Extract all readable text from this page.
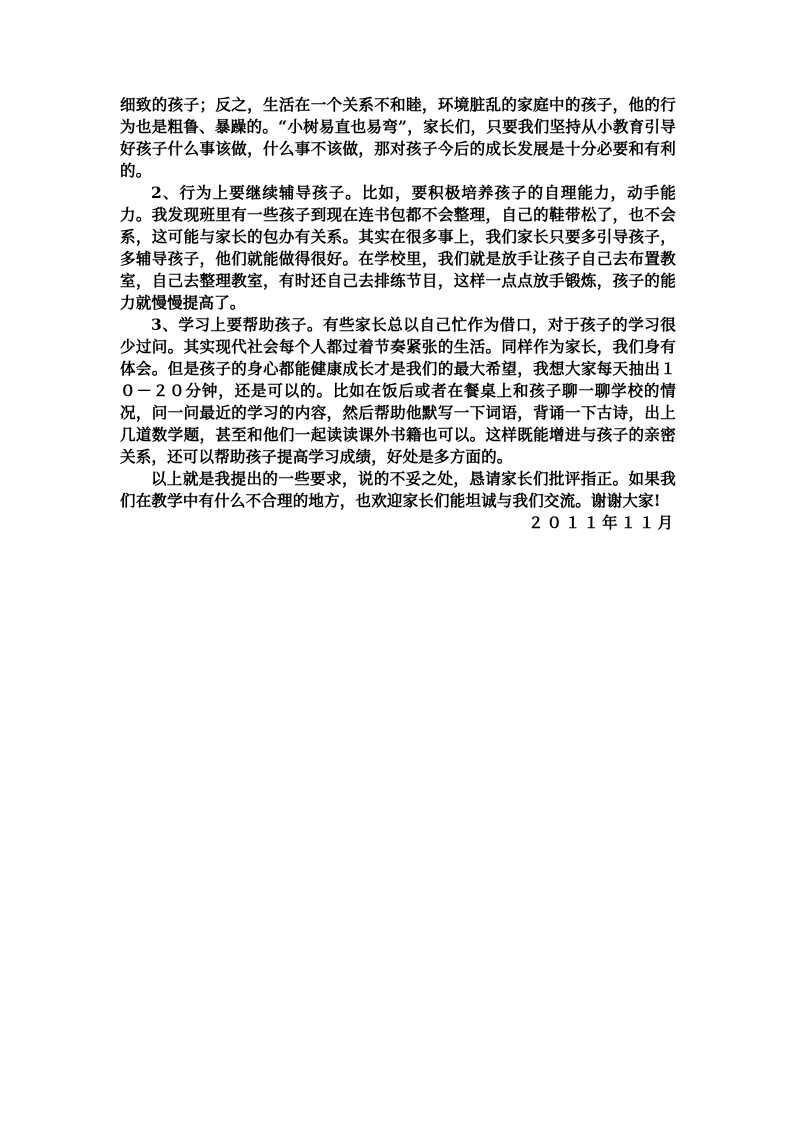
细致的孩子；反之，生活在一个关系不和睦，环境脏乱的家庭中的孩子，他的行为也是粗鲁、暴躁的。“小树易直也易弯”，家长们，只要我们坚持从小教育引导好孩子什么事该做，什么事不该做，那对孩子今后的成长发展是十分必要和有利的。

2、行为上要继续辅导孩子。比如，要积极培养孩子的自理能力，动手能力。我发现班里有一些孩子到现在连书包都不会整理，自己的鞋带松了，也不会系，这可能与家长的包办有关系。其实在很多事上，我们家长只要多引导孩子，多辅导孩子，他们就能做得很好。在学校里，我们就是放手让孩子自己去布置教室，自己去整理教室，有时还自己去排练节目，这样一点点放手锻炼，孩子的能力就慢慢提高了。

3、学习上要帮助孩子。有些家长总以自己忙作为借口，对于孩子的学习很少过问。其实现代社会每个人都过着节奏紧张的生活。同样作为家长，我们身有体会。但是孩子的身心都能健康成长才是我们的最大希望，我想大家每天抽出１０－２０分钟，还是可以的。比如在饭后或者在餐桌上和孩子聊一聊学校的情况，问一问最近的学习的内容，然后帮助他默写一下词语，背诵一下古诗，出上几道数学题，甚至和他们一起读读课外书籍也可以。这样既能增进与孩子的亲密关系，还可以帮助孩子提高学习成绩，好处是多方面的。

以上就是我提出的一些要求，说的不妥之处，恳请家长们批评指正。如果我们在教学中有什么不合理的地方，也欢迎家长们能坦诚与我们交流。谢谢大家!

２０１１年１１月
